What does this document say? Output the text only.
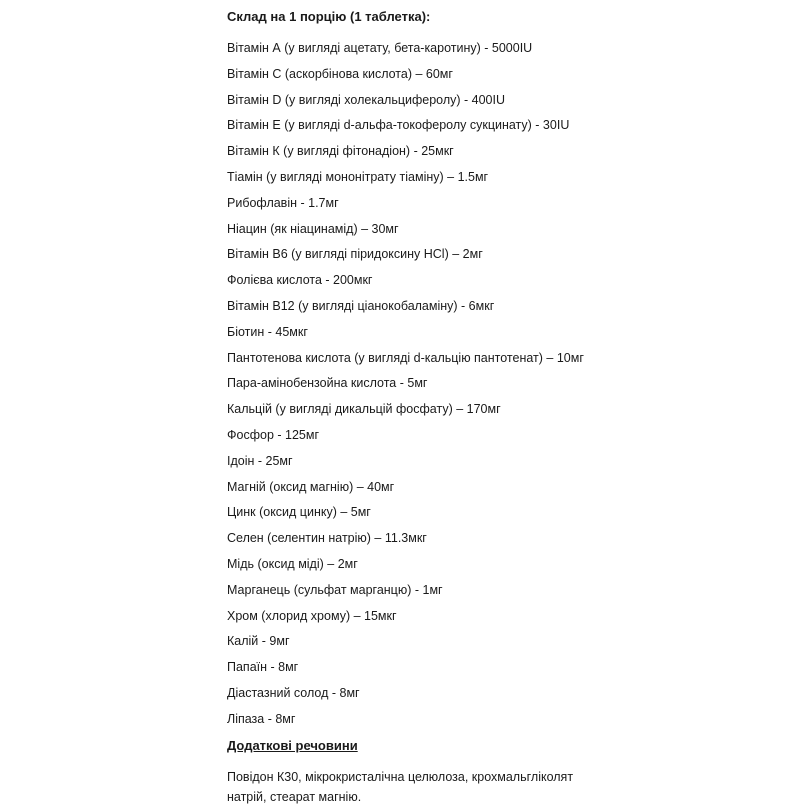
Склад на 1 порцію (1 таблетка):
Вітамін А (у вигляді ацетату, бета-каротину) - 5000IU
Вітамін С (аскорбінова кислота) – 60мг
Вітамін D (у вигляді холекальциферолу) - 400IU
Вітамін Е (у вигляді d-альфа-токоферолу сукцинату) - 30IU
Вітамін К (у вигляді фітонадіон) - 25мкг
Тіамін (у вигляді мононітрату тіаміну) – 1.5мг
Рибофлавін - 1.7мг
Ніацин (як ніацинамід) – 30мг
Вітамін В6 (у вигляді піридоксину HCl) – 2мг
Фолієва кислота - 200мкг
Вітамін В12 (у вигляді ціанокобаламіну) - 6мкг
Біотин - 45мкг
Пантотенова кислота (у вигляді d-кальцію пантотенат) – 10мг
Пара-амінобензойна кислота - 5мг
Кальцій (у вигляді дикальцій фосфату) – 170мг
Фосфор - 125мг
Ідоін - 25мг
Магній (оксид магнію) – 40мг
Цинк (оксид цинку) – 5мг
Селен (селентин натрію) – 11.3мкг
Мідь (оксид міді) – 2мг
Марганець (сульфат марганцю) - 1мг
Хром (хлорид хрому) – 15мкг
Калій - 9мг
Папаїн - 8мг
Діастазний солод - 8мг
Ліпаза - 8мг
Додаткові речовини

Повідон К30, мікрокристалічна целюлоза, крохмальгліколят натрій, стеарат магнію.
